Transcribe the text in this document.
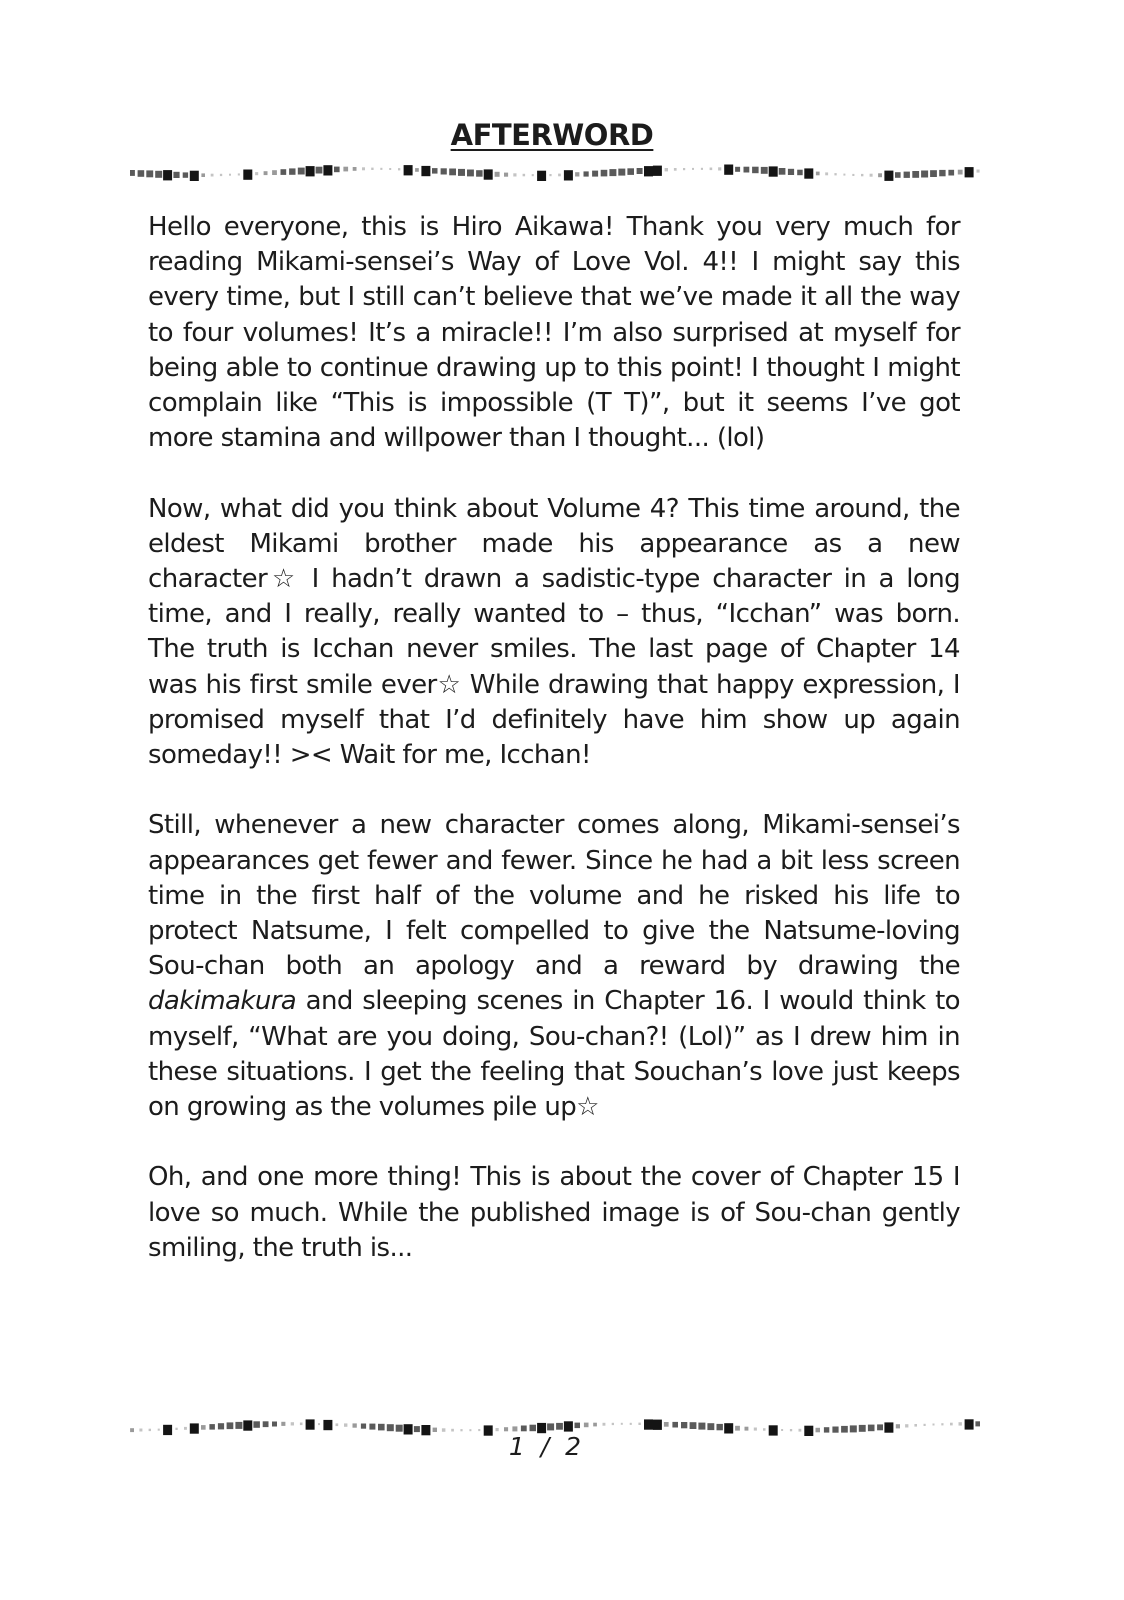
AFTERWORD

Hello everyone, this is Hiro Aikawa! Thank you very much for reading Mikami-sensei’s Way of Love Vol. 4!! I might say this every time, but I still can’t believe that we’ve made it all the way to four volumes! It’s a miracle!! I’m also surprised at myself for being able to continue drawing up to this point! I thought I might complain like “This is impossible (T T)”, but it seems I’ve got more stamina and willpower than I thought... (lol)

Now, what did you think about Volume 4? This time around, the eldest Mikami brother made his appearance as a new character☆ I hadn’t drawn a sadistic-type character in a long time, and I really, really wanted to – thus, “Icchan” was born. The truth is Icchan never smiles. The last page of Chapter 14 was his first smile ever☆ While drawing that happy expression, I promised myself that I’d definitely have him show up again someday!! >< Wait for me, Icchan!

Still, whenever a new character comes along, Mikami-sensei’s appearances get fewer and fewer. Since he had a bit less screen time in the first half of the volume and he risked his life to protect Natsume, I felt compelled to give the Natsume-loving Sou-chan both an apology and a reward by drawing the dakimakura and sleeping scenes in Chapter 16. I would think to myself, “What are you doing, Sou-chan?! (Lol)” as I drew him in these situations. I get the feeling that Souchan’s love just keeps on growing as the volumes pile up☆

Oh, and one more thing! This is about the cover of Chapter 15 I love so much. While the published image is of Sou-chan gently smiling, the truth is...

1 / 2
